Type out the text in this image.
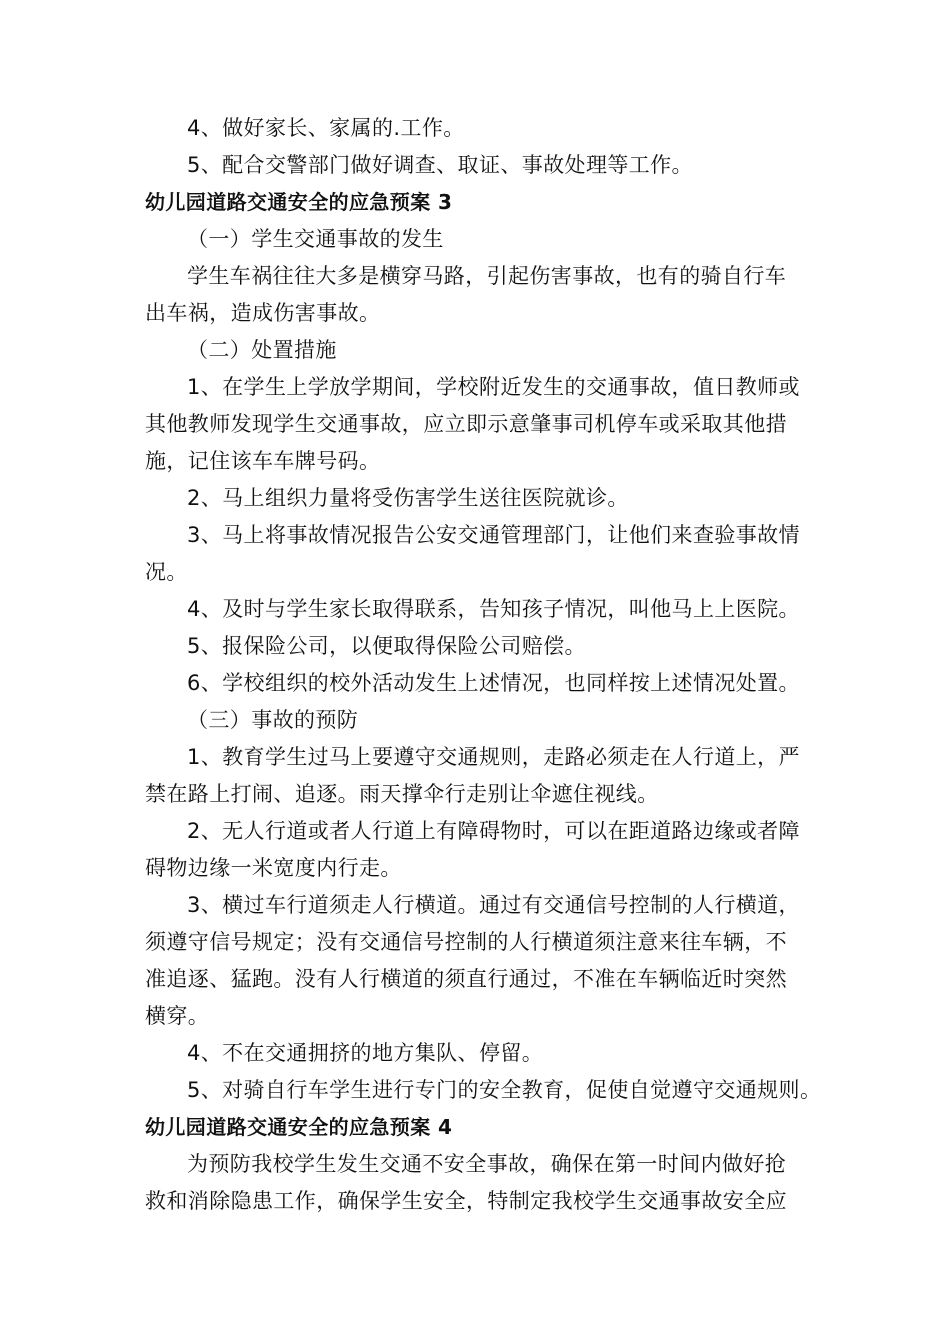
4、做好家长、家属的.工作。
5、配合交警部门做好调查、取证、事故处理等工作。
幼儿园道路交通安全的应急预案 3
（一）学生交通事故的发生
学生车祸往往大多是横穿马路，引起伤害事故，也有的骑自行车
出车祸，造成伤害事故。
（二）处置措施
1、在学生上学放学期间，学校附近发生的交通事故，值日教师或
其他教师发现学生交通事故，应立即示意肇事司机停车或采取其他措
施，记住该车车牌号码。
2、马上组织力量将受伤害学生送往医院就诊。
3、马上将事故情况报告公安交通管理部门，让他们来查验事故情
况。
4、及时与学生家长取得联系，告知孩子情况，叫他马上上医院。
5、报保险公司，以便取得保险公司赔偿。
6、学校组织的校外活动发生上述情况，也同样按上述情况处置。
（三）事故的预防
1、教育学生过马上要遵守交通规则，走路必须走在人行道上，严
禁在路上打闹、追逐。雨天撑伞行走别让伞遮住视线。
2、无人行道或者人行道上有障碍物时，可以在距道路边缘或者障
碍物边缘一米宽度内行走。
3、横过车行道须走人行横道。通过有交通信号控制的人行横道，
须遵守信号规定；没有交通信号控制的人行横道须注意来往车辆，不
准追逐、猛跑。没有人行横道的须直行通过，不准在车辆临近时突然
横穿。
4、不在交通拥挤的地方集队、停留。
5、对骑自行车学生进行专门的安全教育，促使自觉遵守交通规则。
幼儿园道路交通安全的应急预案 4
为预防我校学生发生交通不安全事故，确保在第一时间内做好抢
救和消除隐患工作，确保学生安全，特制定我校学生交通事故安全应
